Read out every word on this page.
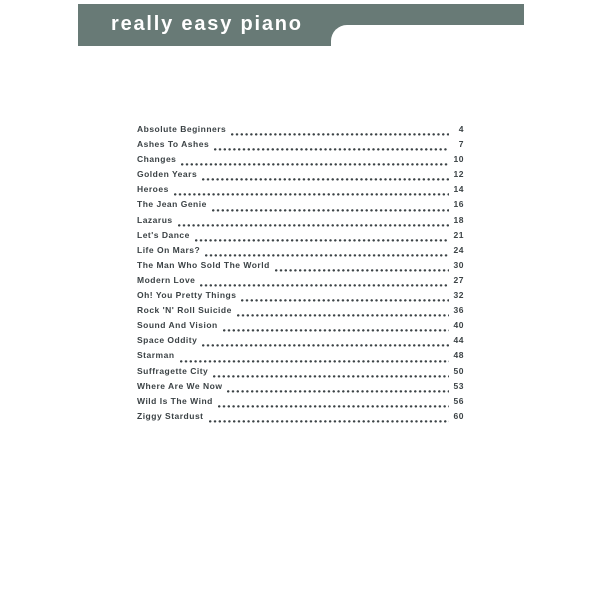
really easy piano
Absolute Beginners	4
Ashes To Ashes	7
Changes	10
Golden Years	12
Heroes	14
The Jean Genie	16
Lazarus	18
Let's Dance	21
Life On Mars?	24
The Man Who Sold The World	30
Modern Love	27
Oh! You Pretty Things	32
Rock 'N' Roll Suicide	36
Sound And Vision	40
Space Oddity	44
Starman	48
Suffragette City	50
Where Are We Now	53
Wild Is The Wind	56
Ziggy Stardust	60
